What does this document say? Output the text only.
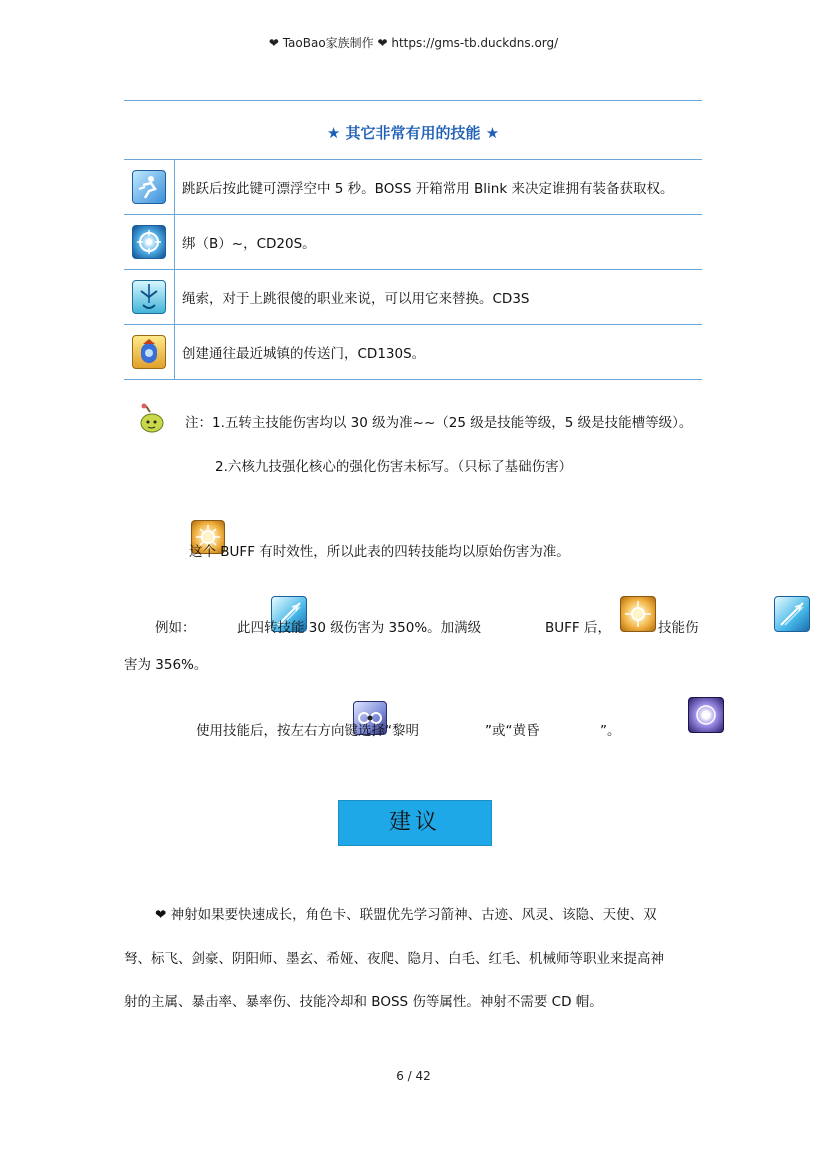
❤ TaoBao家族制作 ❤ https://gms-tb.duckdns.org/
★ 其它非常有用的技能 ★
	跳跃后按此键可漂浮空中 5 秒。BOSS 开箱常用 Blink 来决定谁拥有装备获取权。

	绑（B）~，CD20S。

	绳索，对于上跳很傻的职业来说，可以用它来替换。CD3S

	创建通往最近城镇的传送门，CD130S。

注：1.五转主技能伤害均以 30 级为准~~（25 级是技能等级，5 级是技能槽等级）。
2.六核九技强化核心的强化伤害未标写。（只标了基础伤害）

这个 BUFF 有时效性，所以此表的四转技能均以原始伤害为准。
例如：
	此四转技能 30 级伤害为 350%。加满级
	BUFF 后，
	技能伤
害为 356%。

使用技能后，按左右方向键选择“黎明
	”或“黄昏	”。
建议
❤ 神射如果要快速成长，角色卡、联盟优先学习箭神、古迹、风灵、该隐、天使、双
弩、标飞、剑豪、阴阳师、墨玄、希娅、夜爬、隐月、白毛、红毛、机械师等职业来提高神
射的主属、暴击率、暴率伤、技能冷却和 BOSS 伤等属性。神射不需要 CD 帽。
6 / 42
